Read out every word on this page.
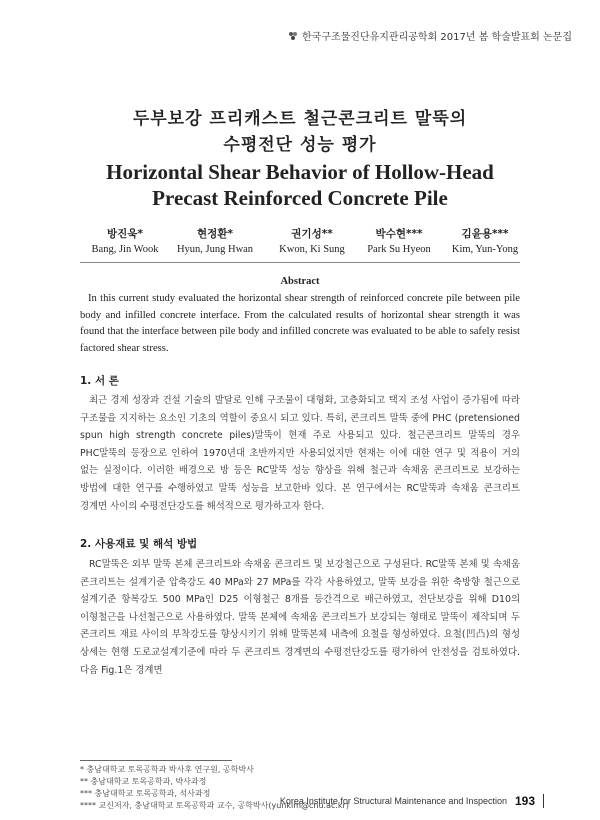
한국구조물진단유지관리공학회 2017년 봄 학술발표회 논문집
두부보강 프리캐스트 철근콘크리트 말뚝의
수평전단 성능 평가
Horizontal Shear Behavior of Hollow-Head
Precast Reinforced Concrete Pile
방진욱*
Bang, Jin Wook
현정환*
Hyun, Jung Hwan
권기성**
Kwon, Ki Sung
박수현***
Park Su Hyeon
김윤용***
Kim, Yun-Yong
Abstract
In this current study evaluated the horizontal shear strength of reinforced concrete pile between pile body and infilled concrete interface. From the calculated results of horizontal shear strength it was found that the interface between pile body and infilled concrete was evaluated to be able to safely resist factored shear stress.
1. 서 론
최근 경제 성장과 건설 기술의 발달로 인해 구조물이 대형화, 고층화되고 택지 조성 사업이 증가됨에 따라 구조물을 지지하는 요소인 기초의 역할이 중요시 되고 있다. 특히, 콘크리트 말뚝 중에 PHC (pretensioned spun high strength concrete piles)말뚝이 현재 주로 사용되고 있다. 철근콘크리트 말뚝의 경우 PHC말뚝의 등장으로 인하여 1970년대 초반까지만 사용되었지만 현재는 이에 대한 연구 및 적용이 거의 없는 실정이다. 이러한 배경으로 방 등은 RC말뚝 성능 향상을 위해 철근과 속채움 콘크리트로 보강하는 방법에 대한 연구를 수행하였고 말뚝 성능을 보고한바 있다. 본 연구에서는 RC말뚝과 속채움 콘크리트 경계면 사이의 수평전단강도를 해석적으로 평가하고자 한다.
2. 사용재료 및 해석 방법
RC말뚝은 외부 말뚝 본체 콘크리트와 속채움 콘크리트 및 보강철근으로 구성된다. RC말뚝 본체 및 속채움 콘크리트는 설계기준 압축강도 40 MPa와 27 MPa를 각각 사용하였고, 말뚝 보강을 위한 축방향 철근으로 설계기준 항복강도 500 MPa인 D25 이형철근 8개를 등간격으로 배근하였고, 전단보강을 위해 D10의 이형철근을 나선철근으로 사용하였다. 말뚝 본체에 속채움 콘크리트가 보강되는 형태로 말뚝이 제작되며 두 콘크리트 재료 사이의 부착강도를 향상시키기 위해 말뚝본체 내측에 요철을 형성하였다. 요철(凹凸)의 형성 상세는 현행 도로교설계기준에 따라 두 콘크리트 경계면의 수평전단강도를 평가하여 안전성을 검토하였다. 다음 Fig.1은 경계면
* 충남대학교 토목공학과 박사후 연구원, 공학박사
** 충남대학교 토목공학과, 박사과정
*** 충남대학교 토목공학과, 석사과정
**** 교신저자, 충남대학교 토목공학과 교수, 공학박사(yunkim@cnu.ac.kr)
Korea Institute for Structural Maintenance and Inspection 193
